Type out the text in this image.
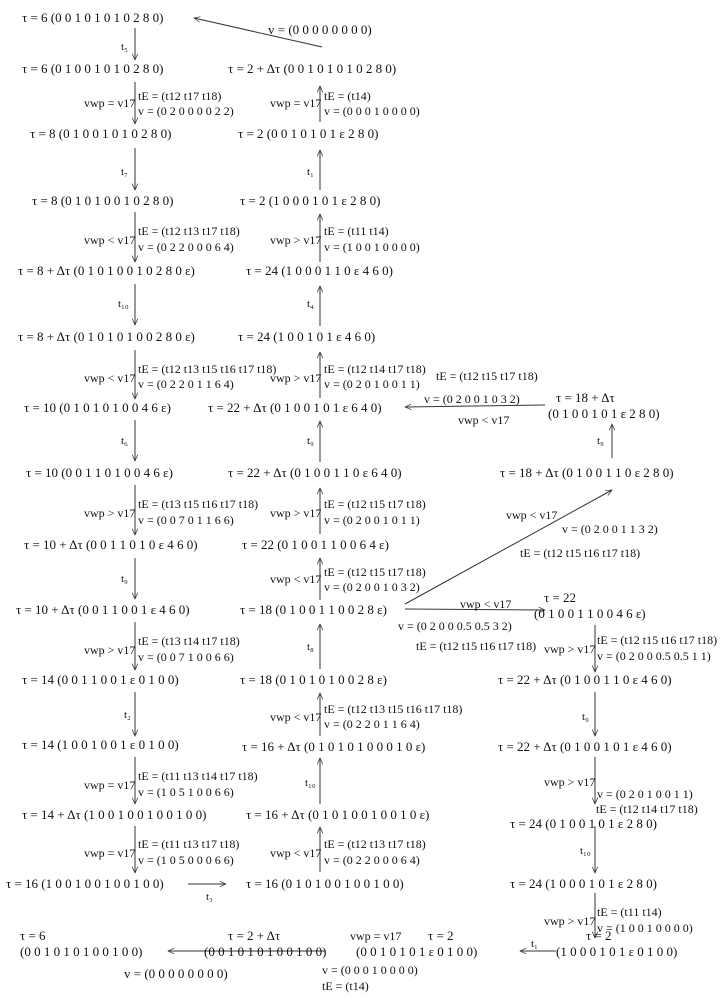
τ = 6 (0 0 1 0 1 0 1 0 2 8 0)
v = (0 0 0 0 0 0 0 0)
t₅
τ = 6 (0 1 0 0 1 0 1 0 2 8 0)	τ = 2 + Δτ (0 0 1 0 1 0 1 0 2 8 0)
vwp = v17 tE = (t12 t17 t18)
v = (0 2 0 0 0 0 2 2)
vwp = v17 tE = (t14)
v = (0 0 0 1 0 0 0 0)
τ = 8 (0 1 0 0 1 0 1 0 2 8 0)	τ = 2 (0 0 1 0 1 0 1 ε 2 8 0)
t₇	t₁
τ = 8 (0 1 0 1 0 0 1 0 2 8 0)	τ = 2 (1 0 0 0 1 0 1 ε 2 8 0)
vwp < v17
tE = (t12 t13 t17 t18)
v = (0 2 2 0 0 0 6 4)	vwp > v17
tE = (t11 t14)
v = (1 0 0 1 0 0 0 0)
τ = 8 + Δτ (0 1 0 1 0 0 1 0 2 8 0 ε)	τ = 24 (1 0 0 0 1 1 0 ε 4 6 0)
t₁₀	t₄
τ = 8 + Δτ (0 1 0 1 0 1 0 0 2 8 0 ε)	τ = 24 (1 0 0 1 0 1 ε 4 6 0)
vwp < v17
tE = (t12 t13 t15 t16 t17 t18)
v = (0 2 2 0 1 1 6 4)	vwp > v17
tE = (t12 t14 t17 t18)
v = (0 2 0 1 0 0 1 1)
tE = (t12 t15 t17 t18)
v = (0 2 0 0 1 0 3 2)
vwp < v17
τ = 18 + Δτ
(0 1 0 0 1 0 1 ε 2 8 0)
τ = 10 (0 1 0 1 0 1 0 0 4 6 ε)	τ = 22 + Δτ (0 1 0 0 1 0 1 ε 6 4 0)
t₆	t₉	t₉
τ = 10 (0 0 1 1 0 1 0 0 4 6 ε)	τ = 22 + Δτ (0 1 0 0 1 1 0 ε 6 4 0)	τ = 18 + Δτ (0 1 0 0 1 1 0 ε 2 8 0)
vwp > v17
tE = (t13 t15 t16 t17 t18)
v = (0 0 7 0 1 1 6 6)	vwp > v17
tE = (t12 t15 t17 t18)
v = (0 2 0 0 1 0 1 1)	vwp < v17
v = (0 2 0 0 1 1 3 2)
tE = (t12 t15 t16 t17 t18)
τ = 10 + Δτ (0 0 1 1 0 1 0 ε 4 6 0)	τ = 22 (0 1 0 0 1 1 0 0 6 4 ε)
t₉	vwp < v17 tE = (t12 t15 t17 t18)
v = (0 2 0 0 1 0 3 2)
τ = 10 + Δτ (0 0 1 1 0 0 1 ε 4 6 0)	τ = 18 (0 1 0 0 1 1 0 0 2 8 ε)	vwp < v17
v = (0 2 0 0 0.5 0.5 3 2)
tE = (t12 t15 t16 t17 t18)
τ = 22
(0 1 0 0 1 1 0 0 4 6 ε)
vwp > v17
tE = (t13 t14 t17 t18)
v = (0 0 7 1 0 0 6 6)
t₈	vwp > v17
tE = (t12 t15 t16 t17 t18)
v = (0 2 0 0 0.5 0.5 1 1)
τ = 14 (0 0 1 1 0 0 1 ε 0 1 0 0)	τ = 18 (0 1 0 1 0 1 0 0 2 8 ε)	τ = 22 + Δτ (0 1 0 0 1 1 0 ε 4 6 0)
t₂	vwp < v17
tE = (t12 t13 t15 t16 t17 t18)
v = (0 2 2 0 1 1 6 4)	t₉
τ = 14 (1 0 0 1 0 0 1 ε 0 1 0 0)	τ = 16 + Δτ (0 1 0 1 0 1 0 0 0 1 0 ε)	τ = 22 + Δτ (0 1 0 0 1 0 1 ε 4 6 0)
vwp = v17
tE = (t11 t13 t14 t17 t18)
v = (1 0 5 1 0 0 6 6)
t₁₀	vwp > v17
v = (0 2 0 1 0 0 1 1)
tE = (t12 t14 t17 t18)
τ = 14 + Δτ (1 0 0 1 0 0 1 0 0 1 0 0)	τ = 16 + Δτ (0 1 0 1 0 0 1 0 0 1 0 ε)
τ = 24 (0 1 0 0 1 0 1 ε 2 8 0)
vwp = v17
tE = (t11 t13 t17 t18)
v = (1 0 5 0 0 0 6 6)	vwp < v17
tE = (t12 t13 t17 t18)
v = (0 2 2 0 0 0 6 4)
t₁₀
τ = 16 (1 0 0 1 0 0 1 0 0 1 0 0)
t₃
τ = 16 (0 1 0 1 0 0 1 0 0 1 0 0)	τ = 24 (1 0 0 0 1 0 1 ε 2 8 0)
vwp > v17
tE = (t11 t14)
v = (1 0 0 1 0 0 0 0)
τ = 2
(1 0 0 0 1 0 1 ε 0 1 0 0)
t₁
τ = 6
(0 0 1 0 1 0 1 0 0 1 0 0)
v = (0 0 0 0 0 0 0 0)
τ = 2 + Δτ
(0 0 1 0 1 0 1 0 0 1 0 0)
vwp = v17 τ = 2
(0 0 1 0 1 0 1 ε 0 1 0 0)
v = (0 0 0 1 0 0 0 0)
tE = (t14)
